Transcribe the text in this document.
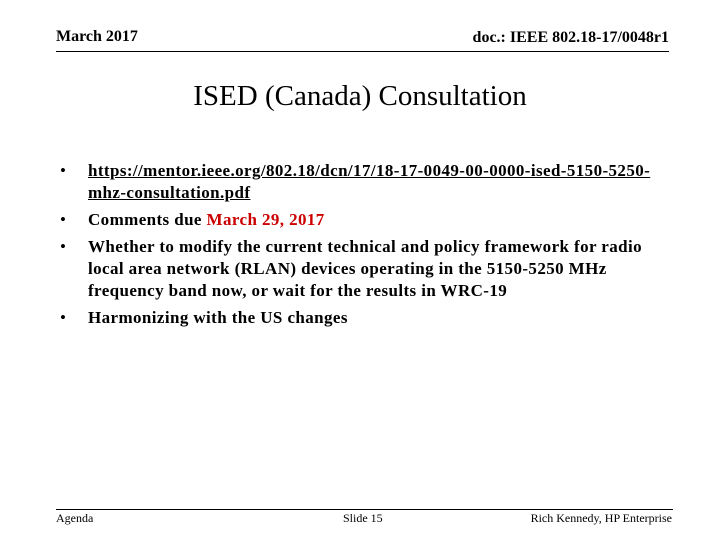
March 2017	doc.: IEEE 802.18-17/0048r1
ISED (Canada) Consultation
• https://mentor.ieee.org/802.18/dcn/17/18-17-0049-00-0000-ised-5150-5250-mhz-consultation.pdf
• Comments due March 29, 2017
• Whether to modify the current technical and policy framework for radio local area network (RLAN) devices operating in the 5150-5250 MHz frequency band now, or wait for the results in WRC-19
• Harmonizing with the US changes
Agenda	Slide 15	Rich Kennedy, HP Enterprise
